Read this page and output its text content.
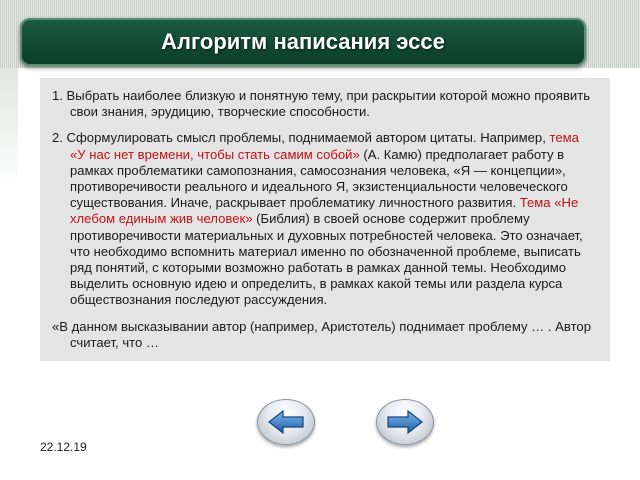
Алгоритм написания эссе

1. Выбрать наиболее близкую и понятную тему, при раскрытии которой можно проявить свои знания, эрудицию, творческие способности.

2. Сформулировать смысл проблемы, поднимаемой автором цитаты. Например, тема «У нас нет времени, чтобы стать самим собой» (А. Камю) предполагает работу в рамках проблематики самопознания, самосознания человека, «Я — концепции», противоречивости реального и идеального Я, экзистенциальности человеческого существования. Иначе, раскрывает проблематику личностного развития. Тема «Не хлебом единым жив человек» (Библия) в своей основе содержит проблему противоречивости материальных и духовных потребностей человека. Это означает, что необходимо вспомнить материал именно по обозначенной проблеме, выписать ряд понятий, с которыми возможно работать в рамках данной темы. Необходимо выделить основную идею и определить, в рамках какой темы или раздела курса обществознания последуют рассуждения.

«В данном высказывании автор (например, Аристотель) поднимает проблему … . Автор считает, что …

22.12.19
